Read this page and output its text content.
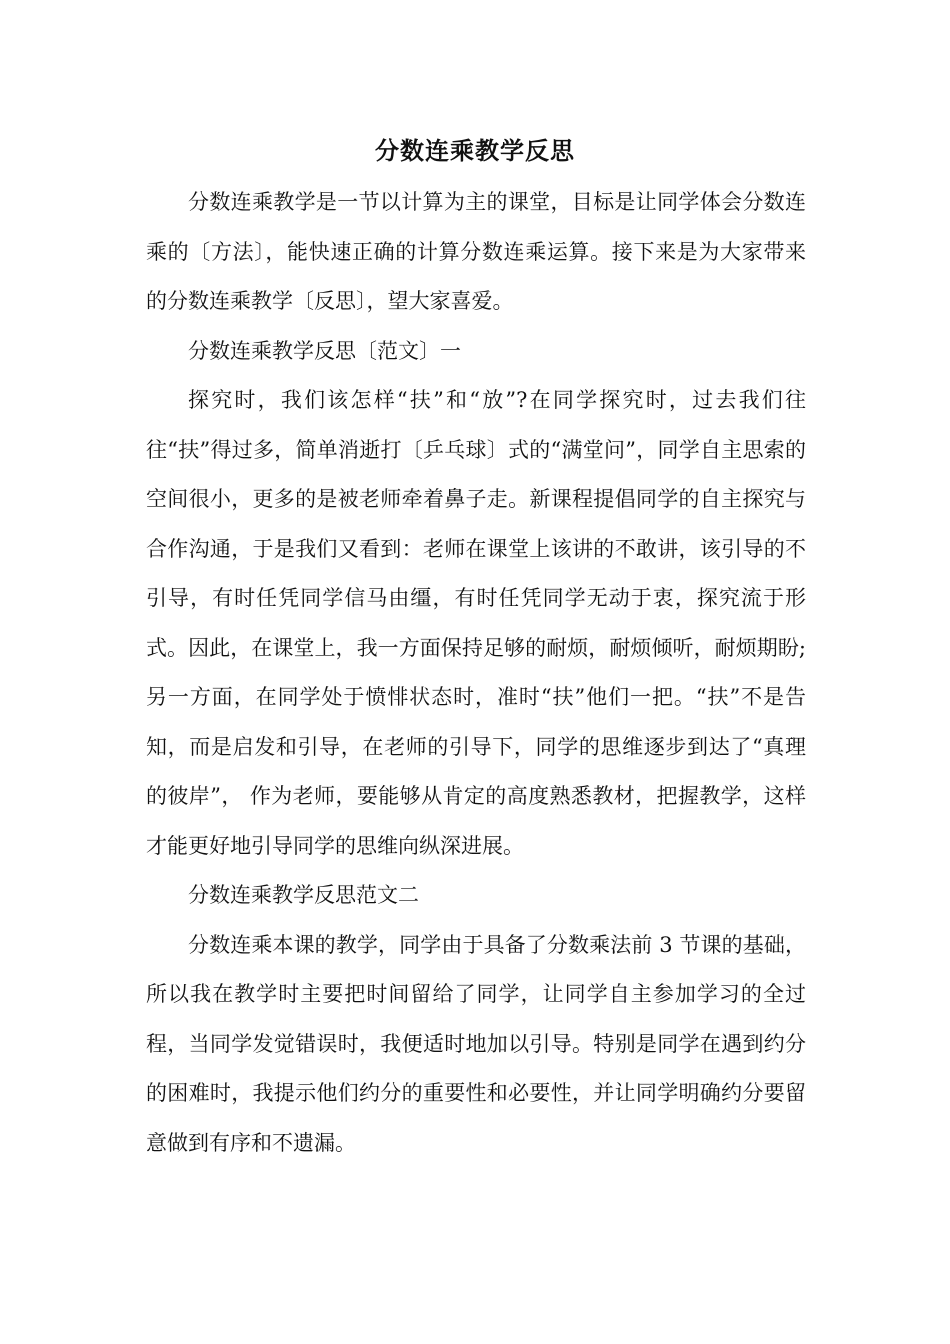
分数连乘教学反思

分数连乘教学是一节以计算为主的课堂，目标是让同学体会分数连乘的〔方法〕，能快速正确的计算分数连乘运算。接下来是为大家带来的分数连乘教学〔反思〕，望大家喜爱。

分数连乘教学反思〔范文〕一

探究时，我们该怎样“扶”和“放”?在同学探究时，过去我们往往“扶”得过多，简单消逝打〔乒乓球〕式的“满堂问”，同学自主思索的空间很小，更多的是被老师牵着鼻子走。新课程提倡同学的自主探究与合作沟通，于是我们又看到：老师在课堂上该讲的不敢讲，该引导的不引导，有时任凭同学信马由缰，有时任凭同学无动于衷，探究流于形式。因此，在课堂上，我一方面保持足够的耐烦，耐烦倾听，耐烦期盼;另一方面，在同学处于愤悱状态时，准时“扶”他们一把。“扶”不是告知，而是启发和引导，在老师的引导下，同学的思维逐步到达了“真理的彼岸”， 作为老师，要能够从肯定的高度熟悉教材，把握教学，这样才能更好地引导同学的思维向纵深进展。

分数连乘教学反思范文二

分数连乘本课的教学，同学由于具备了分数乘法前 3 节课的基础，所以我在教学时主要把时间留给了同学，让同学自主参加学习的全过程，当同学发觉错误时，我便适时地加以引导。特别是同学在遇到约分的困难时，我提示他们约分的重要性和必要性，并让同学明确约分要留意做到有序和不遗漏。
